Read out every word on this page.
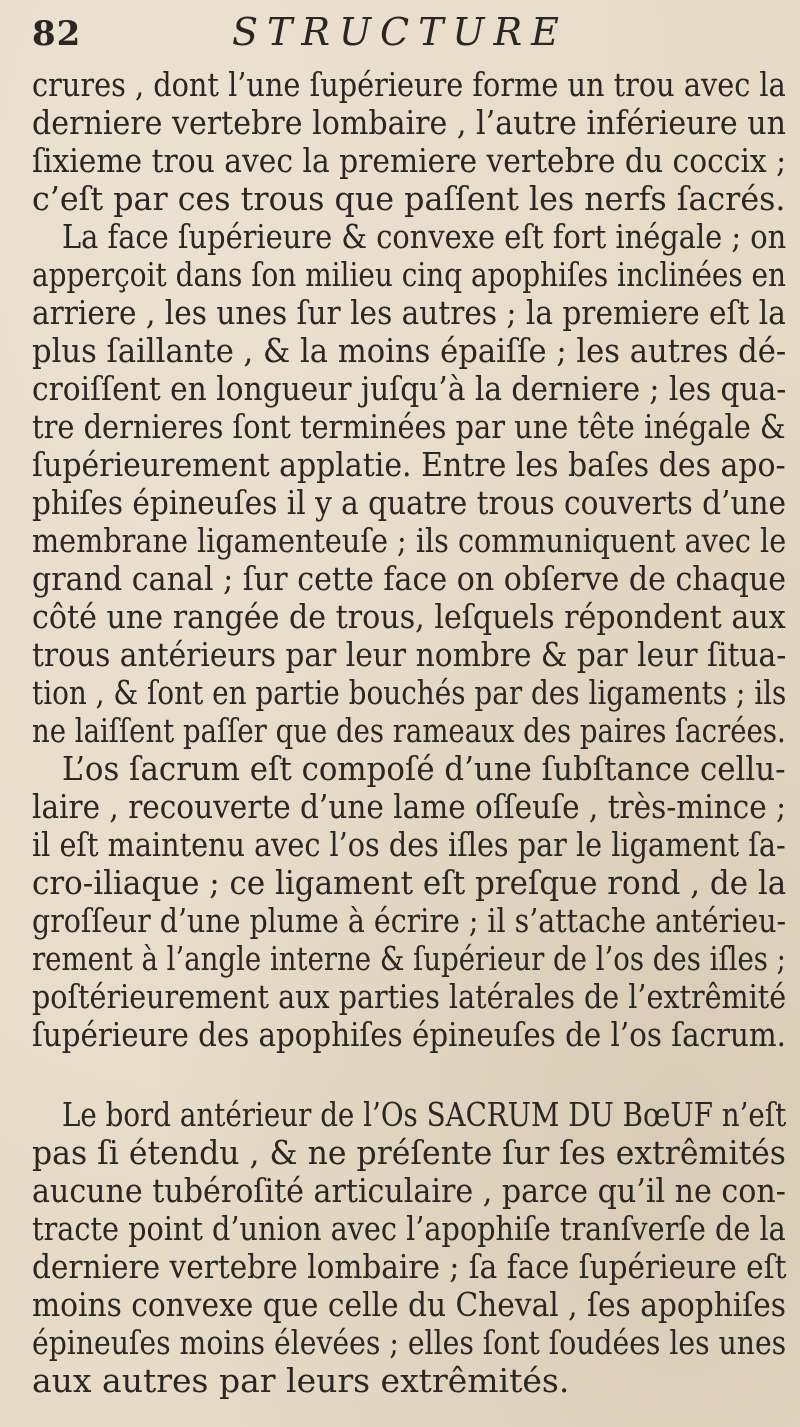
82	STRUCTURE
crures , dont l’une ſupérieure forme un trou avec la
derniere vertebre lombaire , l’autre inférieure un
ſixieme trou avec la premiere vertebre du coccix ;
c’eſt par ces trous que paſſent les nerfs ſacrés.
La face ſupérieure & convexe eſt fort inégale ; on
apperçoit dans ſon milieu cinq apophiſes inclinées en
arriere , les unes ſur les autres ; la premiere eſt la
plus ſaillante , & la moins épaiſſe ; les autres dé-
croiſſent en longueur juſqu’à la derniere ; les qua-
tre dernieres ſont terminées par une tête inégale &
ſupérieurement applatie. Entre les baſes des apo-
phiſes épineuſes il y a quatre trous couverts d’une
membrane ligamenteuſe ; ils communiquent avec le
grand canal ; ſur cette face on obſerve de chaque
côté une rangée de trous, leſquels répondent aux
trous antérieurs par leur nombre & par leur ſitua-
tion , & ſont en partie bouchés par des ligaments ; ils
ne laiſſent paſſer que des rameaux des paires ſacrées.
L’os ſacrum eſt compoſé d’une ſubſtance cellu-
laire , recouverte d’une lame oſſeuſe , très-mince ;
il eſt maintenu avec l’os des iſles par le ligament ſa-
cro-iliaque ; ce ligament eſt preſque rond , de la
groſſeur d’une plume à écrire ; il s’attache antérieu-
rement à l’angle interne & ſupérieur de l’os des iſles ;
poſtérieurement aux parties latérales de l’extrêmité
ſupérieure des apophiſes épineuſes de l’os ſacrum.
Le bord antérieur de l’Os SACRUM DU BœUF n’eſt
pas ſi étendu , & ne préſente ſur ſes extrêmités
aucune tubéroſité articulaire , parce qu’il ne con-
tracte point d’union avec l’apophiſe tranſverſe de la
derniere vertebre lombaire ; ſa face ſupérieure eſt
moins convexe que celle du Cheval , ſes apophiſes
épineuſes moins élevées ; elles ſont ſoudées les unes
aux autres par leurs extrêmités.
